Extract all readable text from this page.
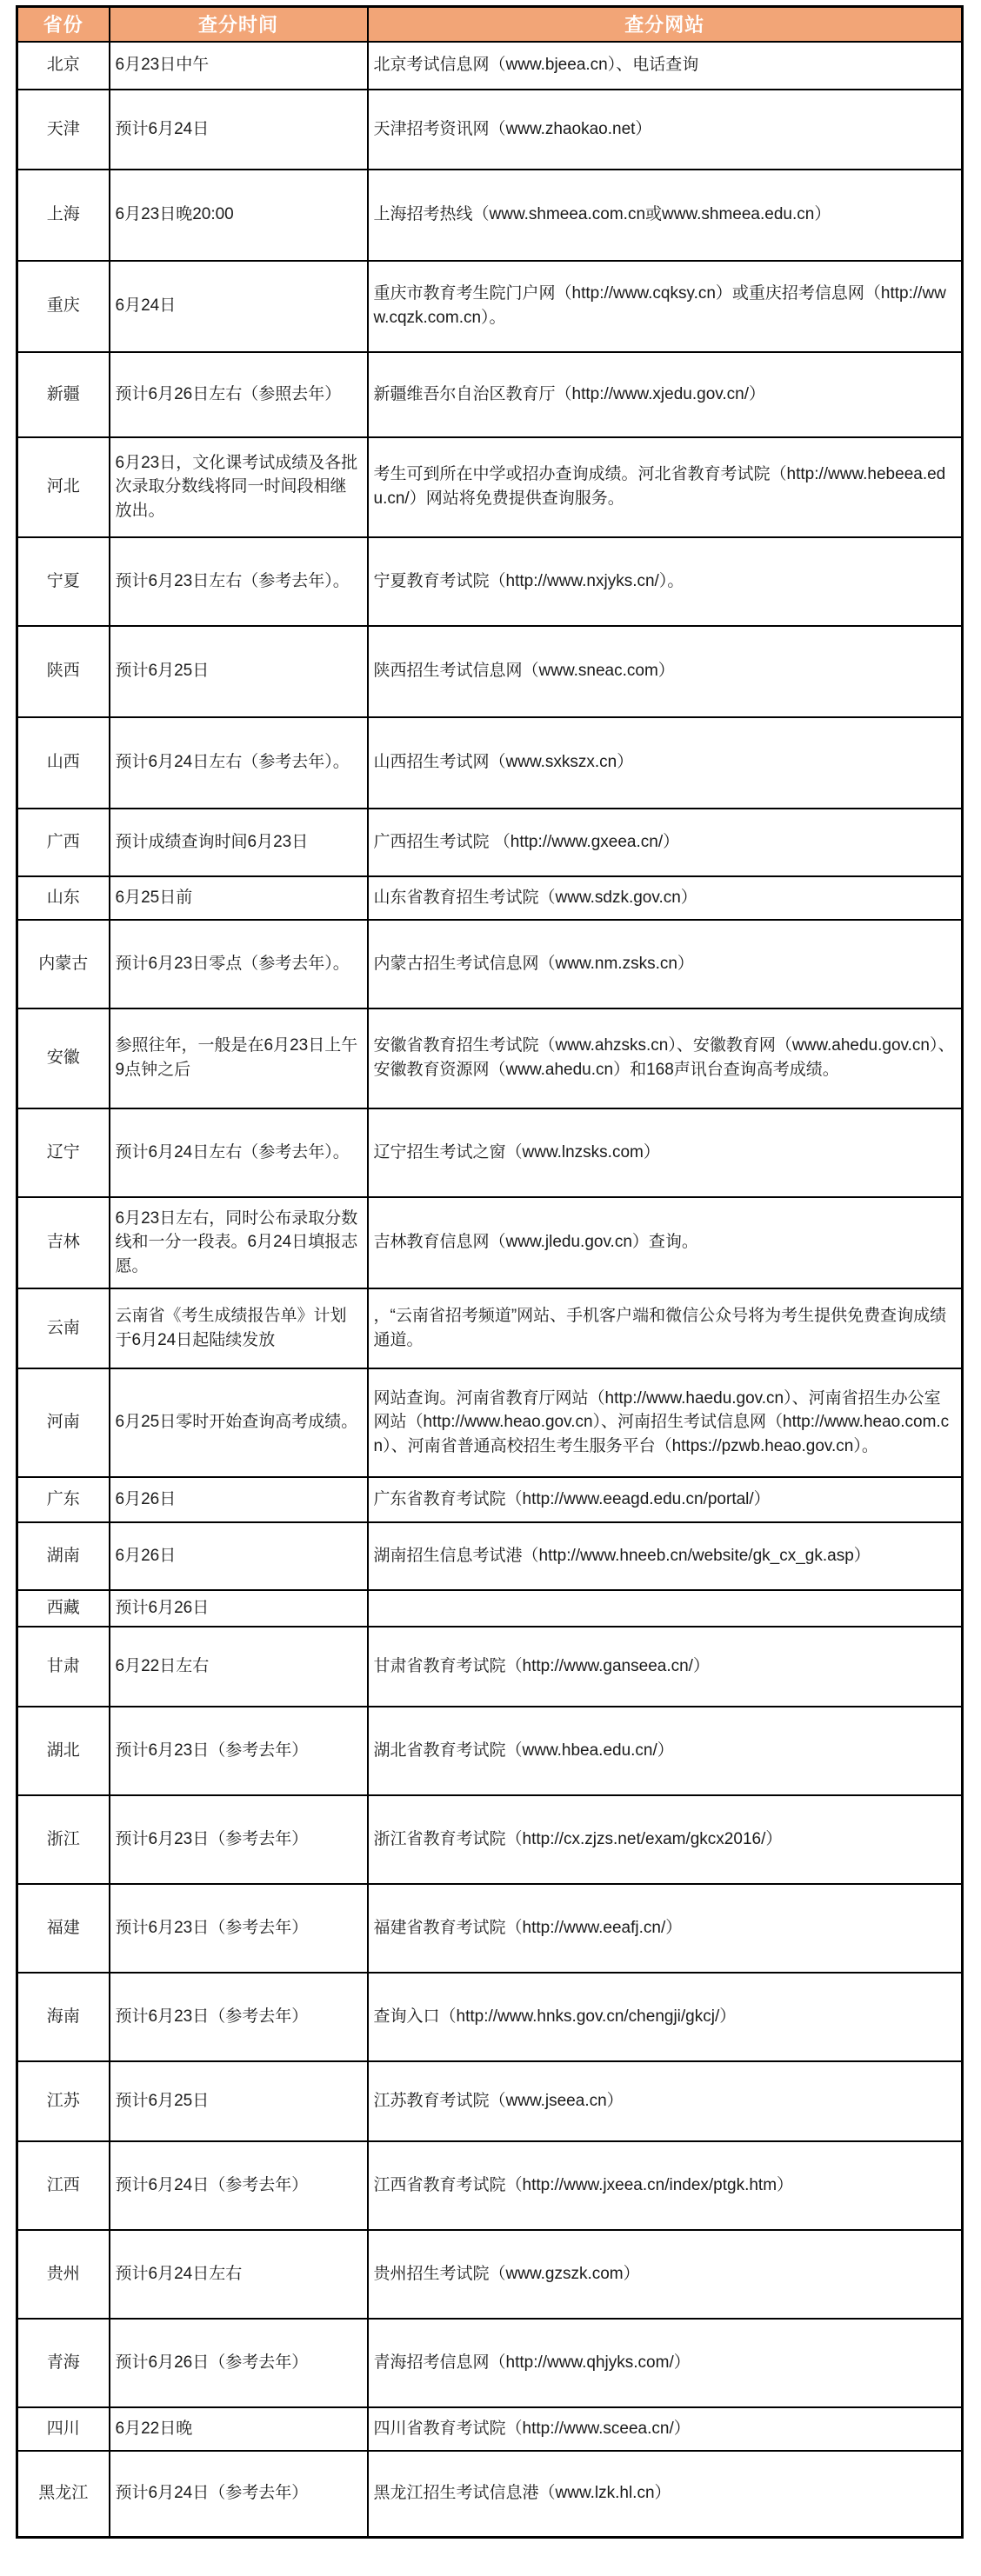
省份	查分时间	查分网站
北京	6月23日中午	北京考试信息网（www.bjeea.cn）、电话查询
天津	预计6月24日	天津招考资讯网（www.zhaokao.net）
上海	6月23日晚20:00	上海招考热线（www.shmeea.com.cn或www.shmeea.edu.cn）
重庆	6月24日	重庆市教育考生院门户网（http://www.cqksy.cn）或重庆招考信息网（http://www.cqzk.com.cn）。
新疆	预计6月26日左右（参照去年）	新疆维吾尔自治区教育厅（http://www.xjedu.gov.cn/）
河北	6月23日，文化课考试成绩及各批次录取分数线将同一时间段相继放出。	考生可到所在中学或招办查询成绩。河北省教育考试院（http://www.hebeea.edu.cn/）网站将免费提供查询服务。
宁夏	预计6月23日左右（参考去年）。	宁夏教育考试院（http://www.nxjyks.cn/）。
陕西	预计6月25日	陕西招生考试信息网（www.sneac.com）
山西	预计6月24日左右（参考去年）。	山西招生考试网（www.sxkszx.cn）
广西	预计成绩查询时间6月23日	广西招生考试院 （http://www.gxeea.cn/）
山东	6月25日前	山东省教育招生考试院（www.sdzk.gov.cn）
内蒙古	预计6月23日零点（参考去年）。	内蒙古招生考试信息网（www.nm.zsks.cn）
安徽	参照往年，一般是在6月23日上午9点钟之后	安徽省教育招生考试院（www.ahzsks.cn）、安徽教育网（www.ahedu.gov.cn）、安徽教育资源网（www.ahedu.cn）和168声讯台查询高考成绩。
辽宁	预计6月24日左右（参考去年）。	辽宁招生考试之窗（www.lnzsks.com）
吉林	6月23日左右，同时公布录取分数线和一分一段表。6月24日填报志愿。	吉林教育信息网（www.jledu.gov.cn）查询。
云南	云南省《考生成绩报告单》计划于6月24日起陆续发放	，“云南省招考频道”网站、手机客户端和微信公众号将为考生提供免费查询成绩通道。
河南	6月25日零时开始查询高考成绩。	网站查询。河南省教育厅网站（http://www.haedu.gov.cn）、河南省招生办公室网站（http://www.heao.gov.cn）、河南招生考试信息网（http://www.heao.com.cn）、河南省普通高校招生考生服务平台（https://pzwb.heao.gov.cn）。
广东	6月26日	广东省教育考试院（http://www.eeagd.edu.cn/portal/）
湖南	6月26日	湖南招生信息考试港（http://www.hneeb.cn/website/gk_cx_gk.asp）
西藏	预计6月26日	
甘肃	6月22日左右	甘肃省教育考试院（http://www.ganseea.cn/）
湖北	预计6月23日（参考去年）	湖北省教育考试院（www.hbea.edu.cn/）
浙江	预计6月23日（参考去年）	浙江省教育考试院（http://cx.zjzs.net/exam/gkcx2016/）
福建	预计6月23日（参考去年）	福建省教育考试院（http://www.eeafj.cn/）
海南	预计6月23日（参考去年）	查询入口（http://www.hnks.gov.cn/chengji/gkcj/）
江苏	预计6月25日	江苏教育考试院（www.jseea.cn）
江西	预计6月24日（参考去年）	江西省教育考试院（http://www.jxeea.cn/index/ptgk.htm）
贵州	预计6月24日左右	贵州招生考试院（www.gzszk.com）
青海	预计6月26日（参考去年）	青海招考信息网（http://www.qhjyks.com/）
四川	6月22日晚	四川省教育考试院（http://www.sceea.cn/）
黑龙江	预计6月24日（参考去年）	黑龙江招生考试信息港（www.lzk.hl.cn）
